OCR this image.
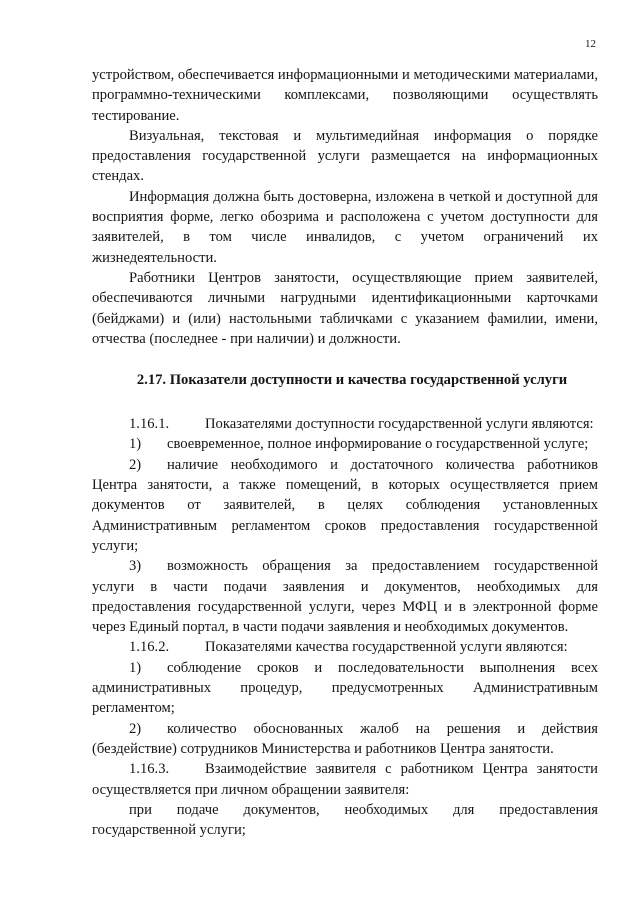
12

устройством, обеспечивается информационными и методическими материалами, программно-техническими комплексами, позволяющими осуществлять тестирование.

Визуальная, текстовая и мультимедийная информация о порядке предоставления государственной услуги размещается на информационных стендах.

Информация должна быть достоверна, изложена в четкой и доступной для восприятия форме, легко обозрима и расположена с учетом доступности для заявителей, в том числе инвалидов, с учетом ограничений их жизнедеятельности.

Работники Центров занятости, осуществляющие прием заявителей, обеспечиваются личными нагрудными идентификационными карточками (бейджами) и (или) настольными табличками с указанием фамилии, имени, отчества (последнее - при наличии) и должности.

2.17. Показатели доступности и качества государственной услуги

1.16.1. Показателями доступности государственной услуги являются:

1) своевременное, полное информирование о государственной услуге;

2) наличие необходимого и достаточного количества работников Центра занятости, а также помещений, в которых осуществляется прием документов от заявителей, в целях соблюдения установленных Административным регламентом сроков предоставления государственной услуги;

3) возможность обращения за предоставлением государственной услуги в части подачи заявления и документов, необходимых для предоставления государственной услуги, через МФЦ и в электронной форме через Единый портал, в части подачи заявления и необходимых документов.

1.16.2. Показателями качества государственной услуги являются:

1) соблюдение сроков и последовательности выполнения всех административных процедур, предусмотренных Административным регламентом;

2) количество обоснованных жалоб на решения и действия (бездействие) сотрудников Министерства и работников Центра занятости.

1.16.3. Взаимодействие заявителя с работником Центра занятости осуществляется при личном обращении заявителя:

при подаче документов, необходимых для предоставления государственной услуги;
